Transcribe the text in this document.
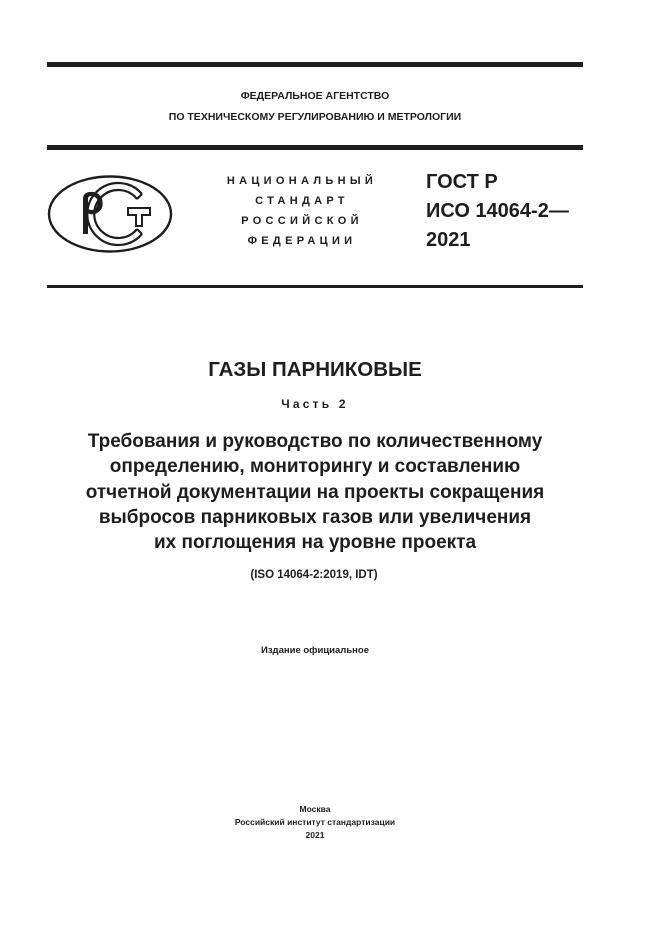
ФЕДЕРАЛЬНОЕ АГЕНТСТВО
ПО ТЕХНИЧЕСКОМУ РЕГУЛИРОВАНИЮ И МЕТРОЛОГИИ
НАЦИОНАЛЬНЫЙ
СТАНДАРТ
РОССИЙСКОЙ
ФЕДЕРАЦИИ
ГОСТ Р
ИСО 14064-2—
2021
ГАЗЫ ПАРНИКОВЫЕ
Часть 2
Требования и руководство по количественному
определению, мониторингу и составлению
отчетной документации на проекты сокращения
выбросов парниковых газов или увеличения
их поглощения на уровне проекта
(ISO 14064-2:2019, IDT)
Издание официальное
Москва
Российский институт стандартизации
2021
